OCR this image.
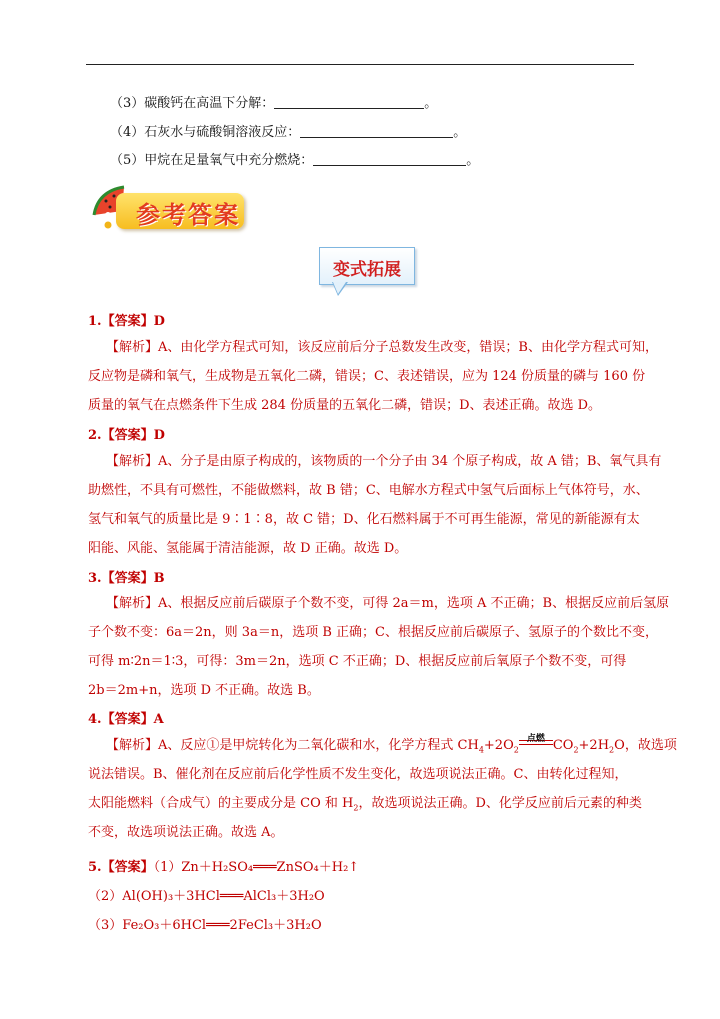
（3）碳酸钙在高温下分解：	。
（4）石灰水与硫酸铜溶液反应：	。
（5）甲烷在足量氧气中充分燃烧：	。
参考答案
变式拓展
1.【答案】D
【解析】A、由化学方程式可知，该反应前后分子总数发生改变，错误；B、由化学方程式可知，
反应物是磷和氧气，生成物是五氧化二磷，错误；C、表述错误，应为 124 份质量的磷与 160 份
质量的氧气在点燃条件下生成 284 份质量的五氧化二磷，错误；D、表述正确。故选 D。
2.【答案】D
【解析】A、分子是由原子构成的，该物质的一个分子由 34 个原子构成，故 A 错；B、氧气具有
助燃性，不具有可燃性，不能做燃料，故 B 错；C、电解水方程式中氢气后面标上气体符号，水、
氢气和氧气的质量比是 9∶1∶8，故 C 错；D、化石燃料属于不可再生能源，常见的新能源有太
阳能、风能、氢能属于清洁能源，故 D 正确。故选 D。
3.【答案】B
【解析】A、根据反应前后碳原子个数不变，可得 2a＝m，选项 A 不正确；B、根据反应前后氢原
子个数不变：6a＝2n，则 3a＝n，选项 B 正确；C、根据反应前后碳原子、氢原子的个数比不变，
可得 m∶2n＝1∶3，可得：3m＝2n，选项 C 不正确；D、根据反应前后氧原子个数不变，可得
2b＝2m+n，选项 D 不正确。故选 B。
4.【答案】A
【解析】A、反应①是甲烷转化为二氧化碳和水，化学方程式 $CH_4+2O_2$
点燃 $CO_2+2H_2O$，故选项
说法错误。B、催化剂在反应前后化学性质不发生变化，故选项说法正确。C、由转化过程知，
太阳能燃料（合成气）的主要成分是 CO 和 $H_2$，故选项说法正确。D、化学反应前后元素的种类
不变，故选项说法正确。故选 A。
5.【答案】（1）Zn＋H₂SO₄═══ZnSO₄＋H₂↑
（2）Al(OH)₃＋3HCl═══AlCl₃＋3H₂O
（3）Fe₂O₃＋6HCl═══2FeCl₃＋3H₂O
